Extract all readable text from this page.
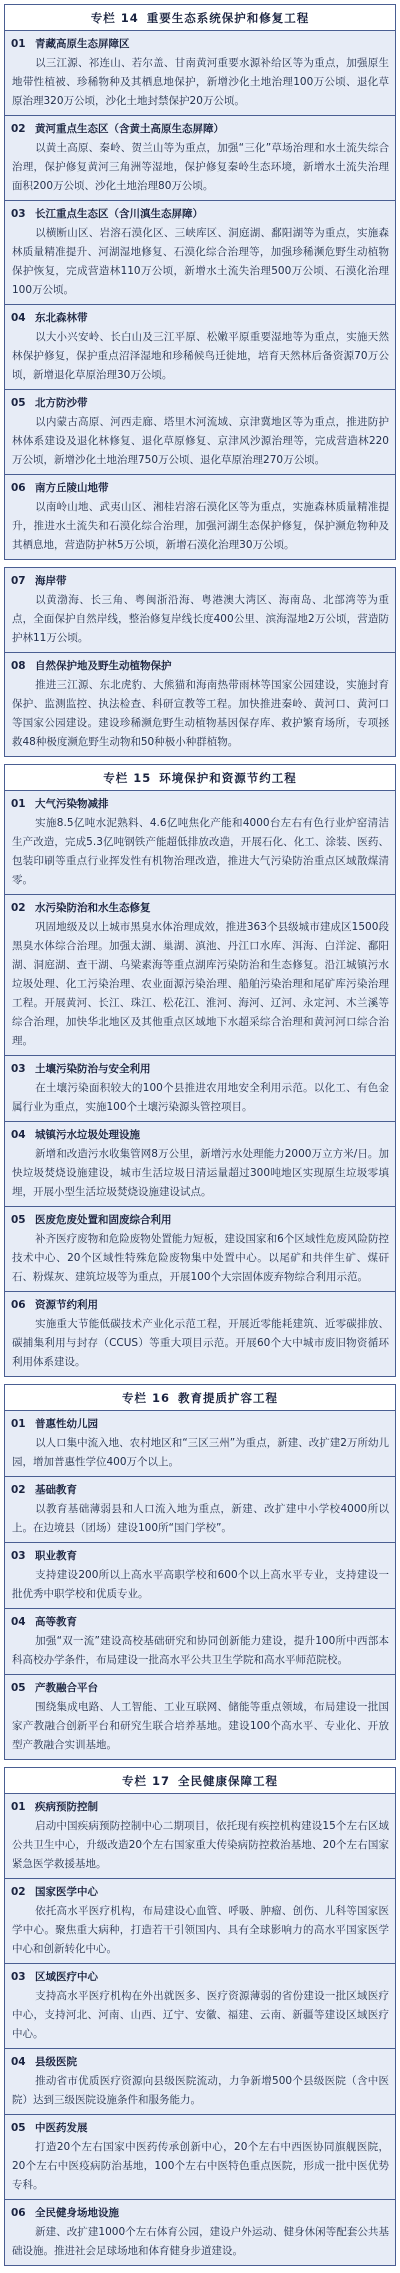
专栏 14 重要生态系统保护和修复工程
01 青藏高原生态屏障区
以三江源、祁连山、若尔盖、甘南黄河重要水源补给区等为重点，加强原生地带性植被、珍稀物种及其栖息地保护，新增沙化土地治理100万公顷、退化草原治理320万公顷，沙化土地封禁保护20万公顷。
02 黄河重点生态区（含黄土高原生态屏障）
以黄土高原、秦岭、贺兰山等为重点，加强“三化”草场治理和水土流失综合治理，保护修复黄河三角洲等湿地，保护修复秦岭生态环境，新增水土流失治理面积200万公顷、沙化土地治理80万公顷。
03 长江重点生态区（含川滇生态屏障）
以横断山区、岩溶石漠化区、三峡库区、洞庭湖、鄱阳湖等为重点，实施森林质量精准提升、河湖湿地修复、石漠化综合治理等，加强珍稀濒危野生动植物保护恢复，完成营造林110万公顷，新增水土流失治理500万公顷、石漠化治理100万公顷。
04 东北森林带
以大小兴安岭、长白山及三江平原、松嫩平原重要湿地等为重点，实施天然林保护修复，保护重点沼泽湿地和珍稀候鸟迁徙地，培育天然林后备资源70万公顷，新增退化草原治理30万公顷。
05 北方防沙带
以内蒙古高原、河西走廊、塔里木河流域、京津冀地区等为重点，推进防护林体系建设及退化林修复、退化草原修复、京津风沙源治理等，完成营造林220万公顷，新增沙化土地治理750万公顷、退化草原治理270万公顷。
06 南方丘陵山地带
以南岭山地、武夷山区、湘桂岩溶石漠化区等为重点，实施森林质量精准提升，推进水土流失和石漠化综合治理，加强河湖生态保护修复，保护濒危物种及其栖息地，营造防护林5万公顷，新增石漠化治理30万公顷。
07 海岸带
以黄渤海、长三角、粤闽浙沿海、粤港澳大湾区、海南岛、北部湾等为重点，全面保护自然岸线，整治修复岸线长度400公里、滨海湿地2万公顷，营造防护林11万公顷。
08 自然保护地及野生动植物保护
推进三江源、东北虎豹、大熊猫和海南热带雨林等国家公园建设，实施封育保护、监测监控、执法检查、科研宣教等工程。加快推进秦岭、黄河口、黄河口等国家公园建设。建设珍稀濒危野生动植物基因保存库、救护繁育场所，专项拯救48种极度濒危野生动物和50种极小种群植物。
专栏 15 环境保护和资源节约工程
01 大气污染物减排
实施8.5亿吨水泥熟料、4.6亿吨焦化产能和4000台左右有色行业炉窑清洁生产改造，完成5.3亿吨钢铁产能超低排放改造，开展石化、化工、涂装、医药、包装印刷等重点行业挥发性有机物治理改造，推进大气污染防治重点区域散煤清零。
02 水污染防治和水生态修复
巩固地级及以上城市黑臭水体治理成效，推进363个县级城市建成区1500段黑臭水体综合治理。加强太湖、巢湖、滇池、丹江口水库、洱海、白洋淀、鄱阳湖、洞庭湖、查干湖、乌梁素海等重点湖库污染防治和生态修复。沿江城镇污水垃圾处理、化工污染治理、农业面源污染治理、船舶污染治理和尾矿库污染治理工程。开展黄河、长江、珠江、松花江、淮河、海河、辽河、永定河、木兰溪等综合治理，加快华北地区及其他重点区域地下水超采综合治理和黄河河口综合治理。
03 土壤污染防治与安全利用
在土壤污染面积较大的100个县推进农用地安全利用示范。以化工、有色金属行业为重点，实施100个土壤污染源头管控项目。
04 城镇污水垃圾处理设施
新增和改造污水收集管网8万公里，新增污水处理能力2000万立方米/日。加快垃圾焚烧设施建设，城市生活垃圾日清运量超过300吨地区实现原生垃圾零填埋，开展小型生活垃圾焚烧设施建设试点。
05 医废危废处置和固废综合利用
补齐医疗废物和危险废物处置能力短板，建设国家和6个区域性危废风险防控技术中心、20个区域性特殊危险废物集中处置中心。以尾矿和共伴生矿、煤矸石、粉煤灰、建筑垃圾等为重点，开展100个大宗固体废弃物综合利用示范。
06 资源节约利用
实施重大节能低碳技术产业化示范工程，开展近零能耗建筑、近零碳排放、碳捕集利用与封存（CCUS）等重大项目示范。开展60个大中城市废旧物资循环利用体系建设。
专栏 16 教育提质扩容工程
01 普惠性幼儿园
以人口集中流入地、农村地区和“三区三州”为重点，新建、改扩建2万所幼儿园，增加普惠性学位400万个以上。
02 基础教育
以教育基础薄弱县和人口流入地为重点，新建、改扩建中小学校4000所以上。在边境县（团场）建设100所“国门学校”。
03 职业教育
支持建设200所以上高水平高职学校和600个以上高水平专业，支持建设一批优秀中职学校和优质专业。
04 高等教育
加强“双一流”建设高校基础研究和协同创新能力建设，提升100所中西部本科高校办学条件，布局建设一批高水平公共卫生学院和高水平师范院校。
05 产教融合平台
围绕集成电路、人工智能、工业互联网、储能等重点领域，布局建设一批国家产教融合创新平台和研究生联合培养基地。建设100个高水平、专业化、开放型产教融合实训基地。
专栏 17 全民健康保障工程
01 疾病预防控制
启动中国疾病预防控制中心二期项目，依托现有疾控机构建设15个左右区域公共卫生中心，升级改造20个左右国家重大传染病防控救治基地、20个左右国家紧急医学救援基地。
02 国家医学中心
依托高水平医疗机构，布局建设心血管、呼吸、肿瘤、创伤、儿科等国家医学中心。聚焦重大病种，打造若干引领国内、具有全球影响力的高水平国家医学中心和创新转化中心。
03 区域医疗中心
支持高水平医疗机构在外出就医多、医疗资源薄弱的省份建设一批区域医疗中心，支持河北、河南、山西、辽宁、安徽、福建、云南、新疆等建设区域医疗中心。
04 县级医院
推动省市优质医疗资源向县级医院流动，力争新增500个县级医院（含中医院）达到三级医院设施条件和服务能力。
05 中医药发展
打造20个左右国家中医药传承创新中心，20个左右中西医协同旗舰医院，20个左右中医疫病防治基地，100个左右中医特色重点医院，形成一批中医优势专科。
06 全民健身场地设施
新建、改扩建1000个左右体育公园，建设户外运动、健身休闲等配套公共基础设施。推进社会足球场地和体育健身步道建设。
